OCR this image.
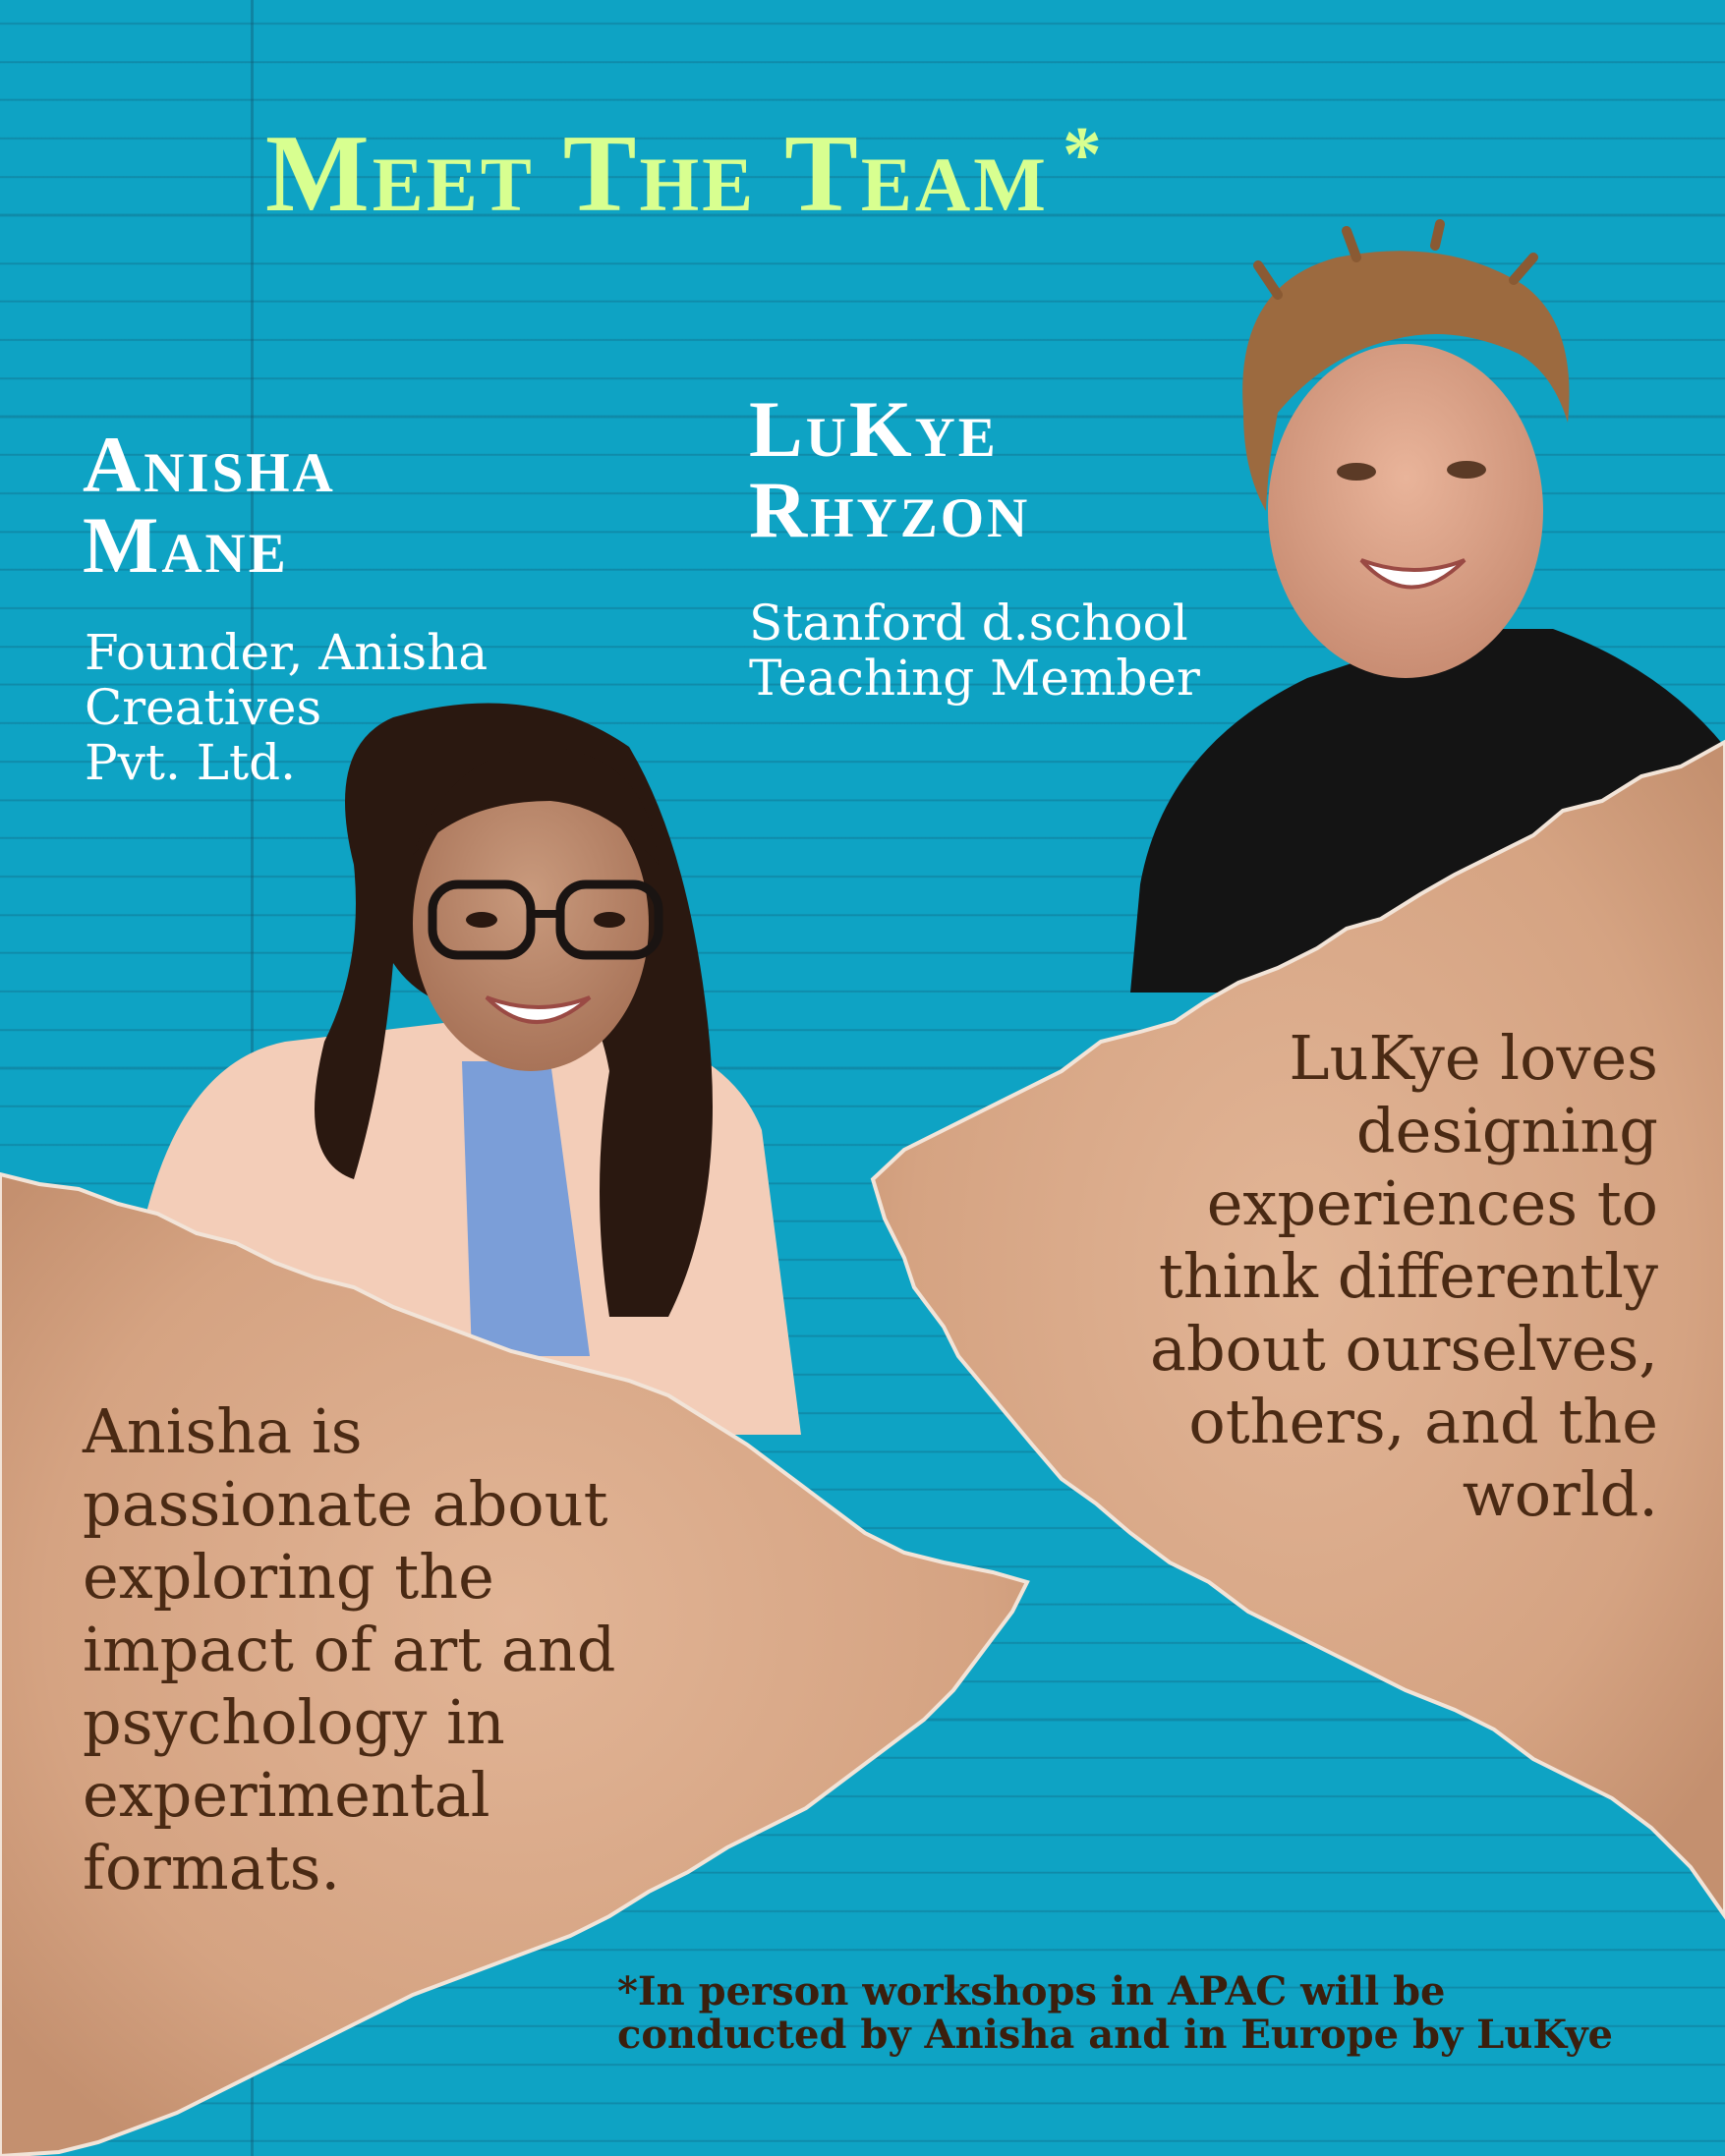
Meet The Team *
Anisha
Mane
Founder, Anisha
Creatives
Pvt. Ltd.
LuKye
Rhyzon
Stanford d.school
Teaching Member
Anisha is
passionate about
exploring the
impact of art and
psychology in
experimental
formats.
LuKye loves
designing
experiences to
think differently
about ourselves,
others, and the
world.
*In person workshops in APAC will be
conducted by Anisha and in Europe by LuKye
